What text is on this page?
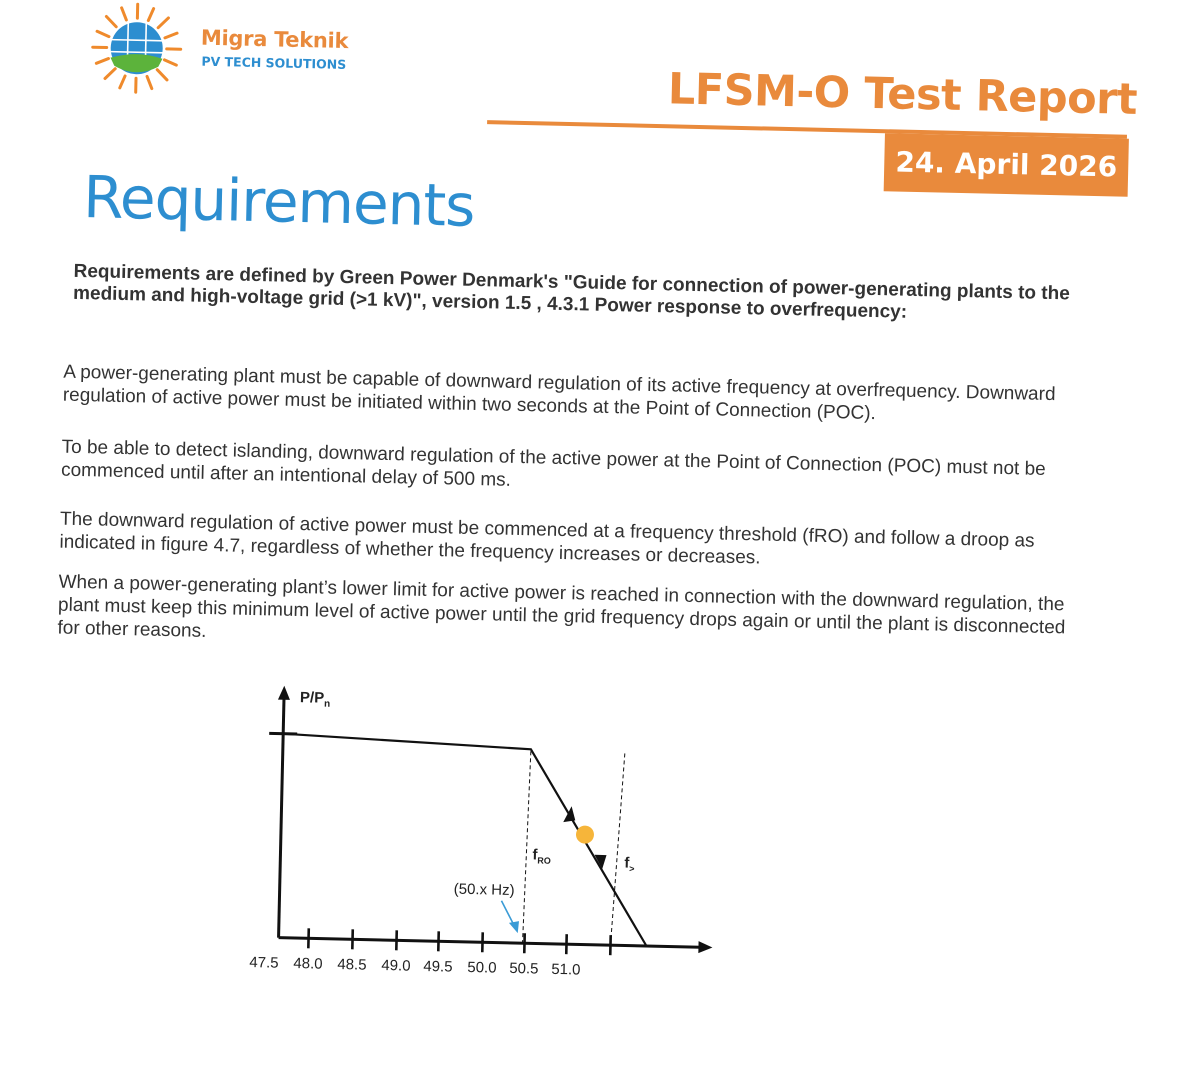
Migra Teknik
PV TECH SOLUTIONS
LFSM-O Test Report
24. April 2026
Requirements
Requirements are defined by Green Power Denmark's "Guide for connection of power-generating plants to the medium and high-voltage grid (>1 kV)", version 1.5 , 4.3.1 Power response to overfrequency:
A power-generating plant must be capable of downward regulation of its active frequency at overfrequency. Downward regulation of active power must be initiated within two seconds at the Point of Connection (POC).
To be able to detect islanding, downward regulation of the active power at the Point of Connection (POC) must not be commenced until after an intentional delay of 500 ms.
The downward regulation of active power must be commenced at a frequency threshold (fRO) and follow a droop as indicated in figure 4.7, regardless of whether the frequency increases or decreases.
When a power-generating plant’s lower limit for active power is reached in connection with the downward regulation, the plant must keep this minimum level of active power until the grid frequency drops again or until the plant is disconnected for other reasons.
$P/P_n$
$f_{RO}$	$f_>$
(50.x Hz)
47.5 48.0 48.5 49.0 49.5 50.0 50.5 51.0
